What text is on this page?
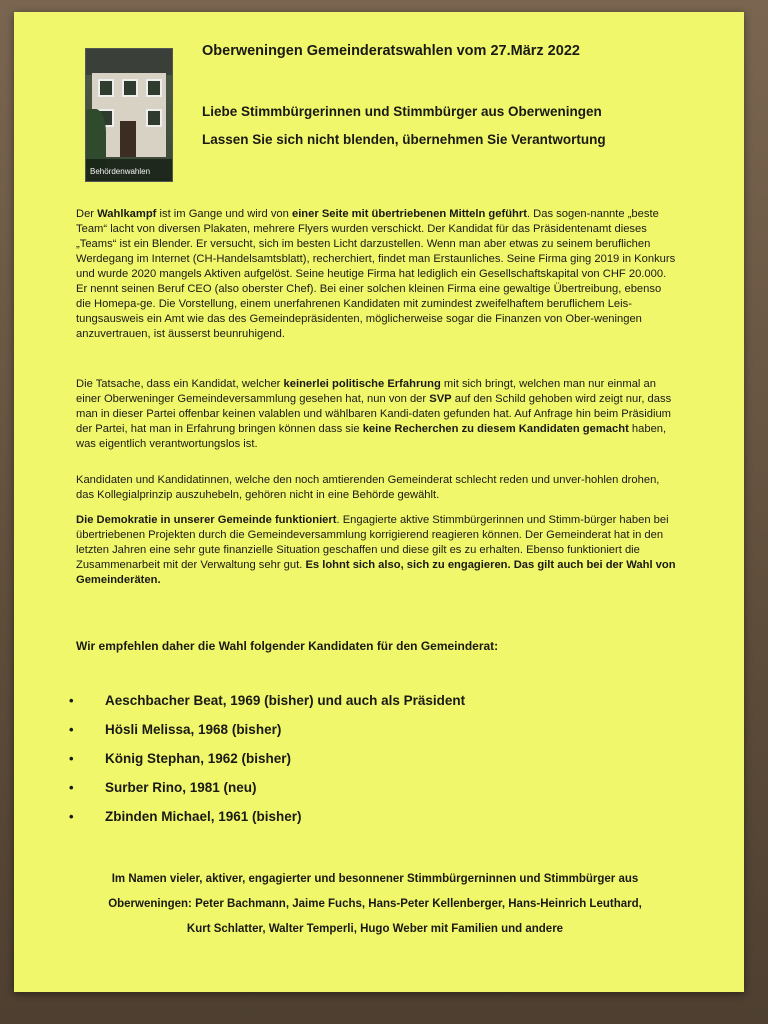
Behördenwahlen
Oberweningen Gemeinderatswahlen vom 27.März 2022
Liebe Stimmbürgerinnen und Stimmbürger aus Oberweningen
Lassen Sie sich nicht blenden, übernehmen Sie Verantwortung

Der Wahlkampf ist im Gange und wird von einer Seite mit übertriebenen Mitteln geführt. Das sogen-nannte „beste Team“ lacht von diversen Plakaten, mehrere Flyers wurden verschickt. Der Kandidat für das Präsidentenamt dieses „Teams“ ist ein Blender. Er versucht, sich im besten Licht darzustellen. Wenn man aber etwas zu seinem beruflichen Werdegang im Internet (CH-Handelsamtsblatt), recherchiert, findet man Erstaunliches. Seine Firma ging 2019 in Konkurs und wurde 2020 mangels Aktiven aufgelöst. Seine heutige Firma hat lediglich ein Gesellschaftskapital von CHF 20.000. Er nennt seinen Beruf CEO (also oberster Chef). Bei einer solchen kleinen Firma eine gewaltige Übertreibung, ebenso die Homepa-ge. Die Vorstellung, einem unerfahrenen Kandidaten mit zumindest zweifelhaftem beruflichem Leis-tungsausweis ein Amt wie das des Gemeindepräsidenten, möglicherweise sogar die Finanzen von Ober-weningen anzuvertrauen, ist äusserst beunruhigend.

Die Tatsache, dass ein Kandidat, welcher keinerlei politische Erfahrung mit sich bringt, welchen man nur einmal an einer Oberweninger Gemeindeversammlung gesehen hat, nun von der SVP auf den Schild gehoben wird zeigt nur, dass man in dieser Partei offenbar keinen valablen und wählbaren Kandi-daten gefunden hat. Auf Anfrage hin beim Präsidium der Partei, hat man in Erfahrung bringen können dass sie keine Recherchen zu diesem Kandidaten gemacht haben, was eigentlich verantwortungslos ist.

Kandidaten und Kandidatinnen, welche den noch amtierenden Gemeinderat schlecht reden und unver-hohlen drohen, das Kollegialprinzip auszuhebeln, gehören nicht in eine Behörde gewählt.

Die Demokratie in unserer Gemeinde funktioniert. Engagierte aktive Stimmbürgerinnen und Stimm-bürger haben bei übertriebenen Projekten durch die Gemeindeversammlung korrigierend reagieren können. Der Gemeinderat hat in den letzten Jahren eine sehr gute finanzielle Situation geschaffen und diese gilt es zu erhalten. Ebenso funktioniert die Zusammenarbeit mit der Verwaltung sehr gut. Es lohnt sich also, sich zu engagieren. Das gilt auch bei der Wahl von Gemeinderäten.

Wir empfehlen daher die Wahl folgender Kandidaten für den Gemeinderat:
•	Aeschbacher Beat, 1969 (bisher) und auch als Präsident
•	Hösli Melissa, 1968 (bisher)
•	König Stephan, 1962 (bisher)
•	Surber Rino, 1981 (neu)
•	Zbinden Michael, 1961 (bisher)
Im Namen vieler, aktiver, engagierter und besonnener Stimmbürgerninnen und Stimmbürger aus
Oberweningen: Peter Bachmann, Jaime Fuchs, Hans-Peter Kellenberger, Hans-Heinrich Leuthard,
Kurt Schlatter, Walter Temperli, Hugo Weber mit Familien und andere
